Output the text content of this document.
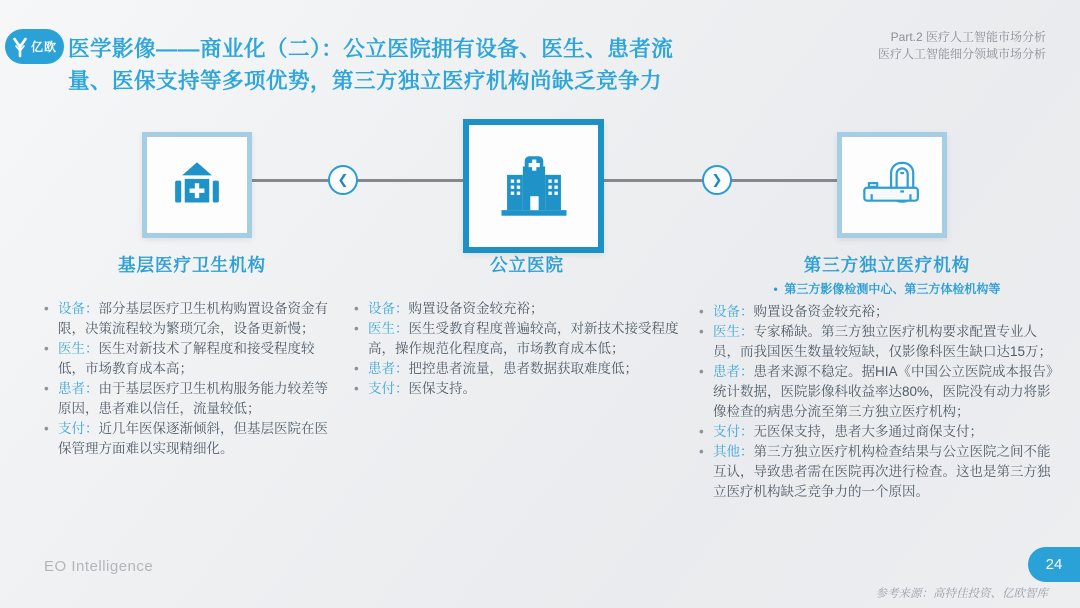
亿欧 医学影像——商业化（二）：公立医院拥有设备、医生、患者流
量、医保支持等多项优势，第三方独立医疗机构尚缺乏竞争力
Part.2 医疗人工智能市场分析
医疗人工智能细分领域市场分析
❮	❯
基层医疗卫生机构	公立医院	第三方独立医疗机构
•  第三方影像检测中心、第三方体检机构等
• 设备：部分基层医疗卫生机构购置设备资金有限，决策流程较为繁琐冗余，设备更新慢；
• 医生：医生对新技术了解程度和接受程度较低，市场教育成本高；
• 患者：由于基层医疗卫生机构服务能力较差等原因，患者难以信任，流量较低；
• 支付：近几年医保逐渐倾斜，但基层医院在医保管理方面难以实现精细化。
• 设备：购置设备资金较充裕；
• 医生：医生受教育程度普遍较高，对新技术接受程度高，操作规范化程度高，市场教育成本低；
• 患者：把控患者流量，患者数据获取难度低；
• 支付：医保支持。
• 设备：购置设备资金较充裕；
• 医生：专家稀缺。第三方独立医疗机构要求配置专业人员，而我国医生数量较短缺，仅影像科医生缺口达15万；
• 患者：患者来源不稳定。据HIA《中国公立医院成本报告》统计数据，医院影像科收益率达80%，医院没有动力将影像检查的病患分流至第三方独立医疗机构；
• 支付：无医保支持，患者大多通过商保支付；
• 其他：第三方独立医疗机构检查结果与公立医院之间不能互认，导致患者需在医院再次进行检查。这也是第三方独立医疗机构缺乏竞争力的一个原因。
EO Intelligence	24
参考来源：高特佳投资、亿欧智库
